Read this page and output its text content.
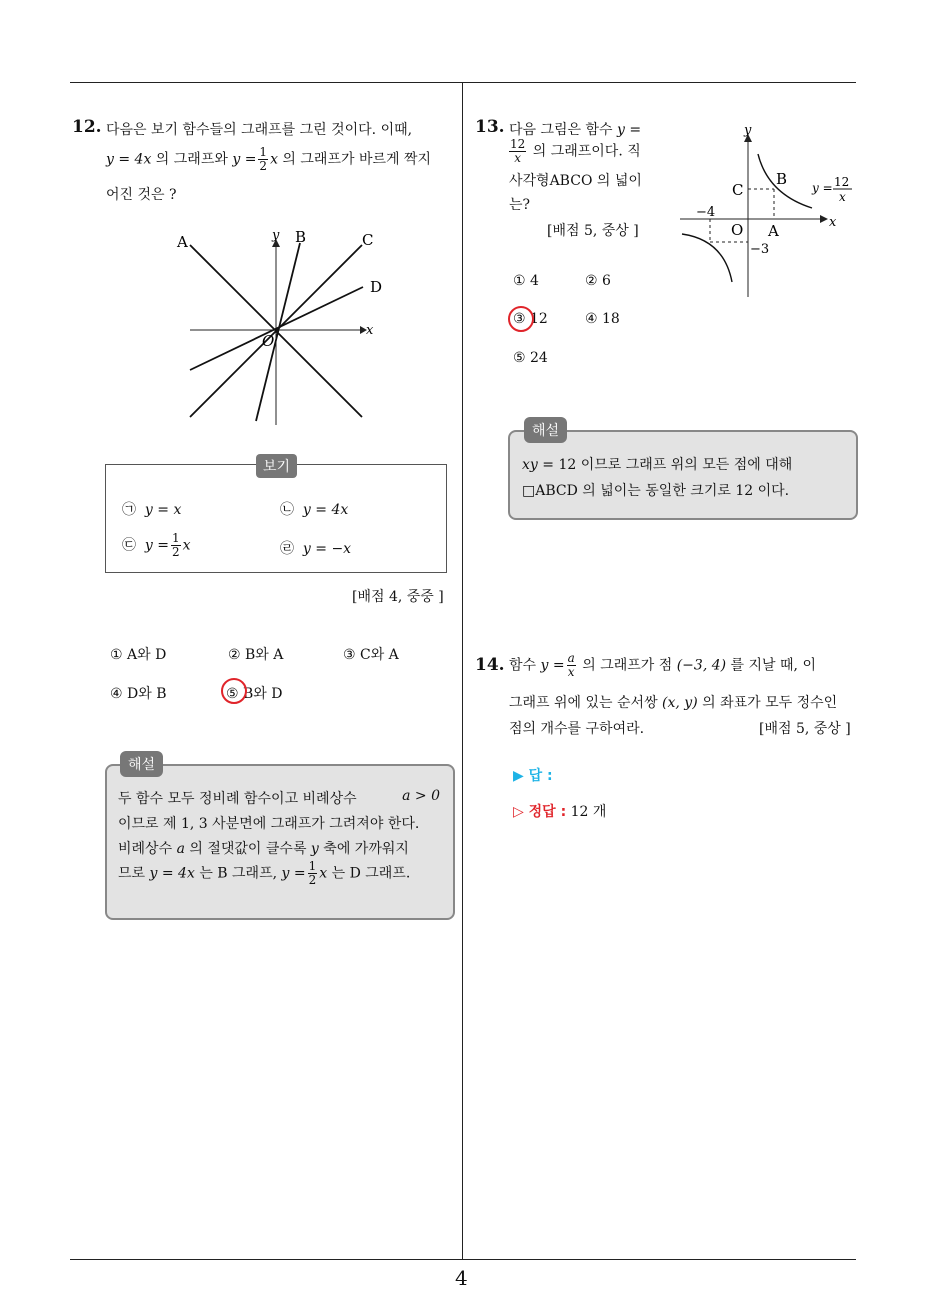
4
12. 다음은 보기 함수들의 그래프를 그린 것이다. 이때,
y = 4x 의 그래프와 $y = \frac{1}{2}$ x 의 그래프가 바르게 짝지
어진 것은 ?
A	y B	C
D
x
O
보기
㉠ y = x	㉡ y = 4x
㉢ $y = \frac{1}{2}$ x	㉣ y = −x
[배점 4, 중중 ]
① A와 D	② B와 A	③ C와 A
④ D와 B	⑤ B와 D
해설
두 함수 모두 정비례 함수이고 비례상수	a > 0
이므로 제 1, 3 사분면에 그래프가 그려져야 한다.
비례상수 a 의 절댓값이 클수록 y 축에 가까워지
므로 y = 4x 는 B 그래프, $y = \frac{1}{2}$ x 는 D 그래프.
13. 다음 그림은 함수 y =
$\frac{12}{x}$ 의 그래프이다. 직
사각형ABCO 의 넓이
는?
[배점 5, 중상 ]
y
C
B y = 12
x
−4
x
O A
−3
① 4	② 6
③ 12	④ 18
⑤ 24
해설
xy = 12 이므로 그래프 위의 모든 점에 대해
□ABCD 의 넓이는 동일한 크기로 12 이다.
14. 함수 $y = \frac{a}{x}$ 의 그래프가 점 (−3, 4) 를 지날 때, 이
그래프 위에 있는 순서쌍 (x, y) 의 좌표가 모두 정수인
점의 개수를 구하여라.	[배점 5, 중상 ]
▶ 답 :
▷ 정답 : 12 개
